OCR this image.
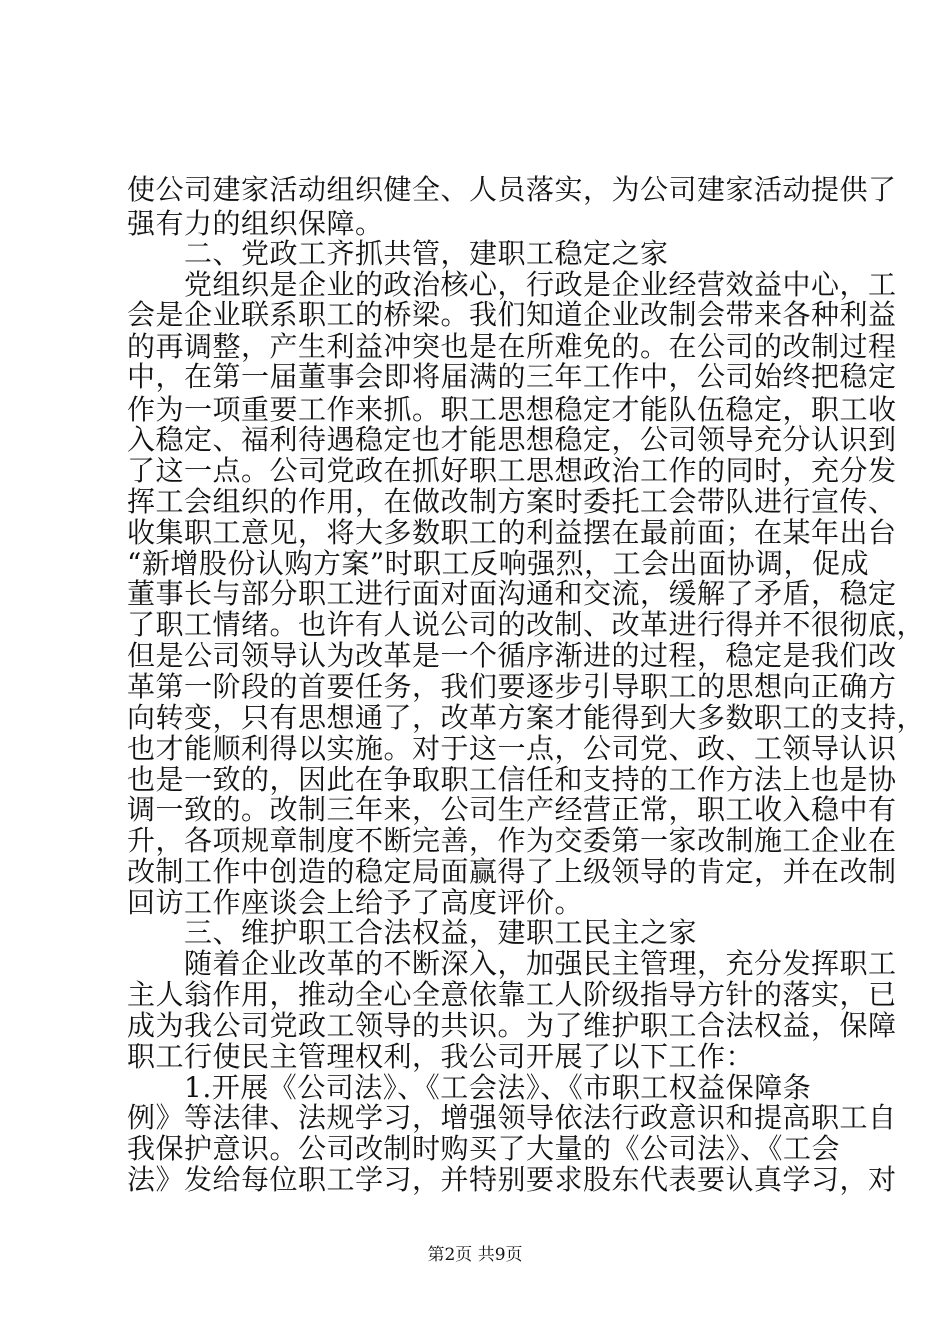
使公司建家活动组织健全、人员落实，为公司建家活动提供了
强有力的组织保障。
　　二、党政工齐抓共管，建职工稳定之家
　　党组织是企业的政治核心，行政是企业经营效益中心，工
会是企业联系职工的桥梁。我们知道企业改制会带来各种利益
的再调整，产生利益冲突也是在所难免的。在公司的改制过程
中，在第一届董事会即将届满的三年工作中，公司始终把稳定
作为一项重要工作来抓。职工思想稳定才能队伍稳定，职工收
入稳定、福利待遇稳定也才能思想稳定，公司领导充分认识到
了这一点。公司党政在抓好职工思想政治工作的同时，充分发
挥工会组织的作用，在做改制方案时委托工会带队进行宣传、
收集职工意见，将大多数职工的利益摆在最前面；在某年出台
“新增股份认购方案”时职工反响强烈，工会出面协调，促成
董事长与部分职工进行面对面沟通和交流，缓解了矛盾，稳定
了职工情绪。也许有人说公司的改制、改革进行得并不很彻底，
但是公司领导认为改革是一个循序渐进的过程，稳定是我们改
革第一阶段的首要任务，我们要逐步引导职工的思想向正确方
向转变，只有思想通了，改革方案才能得到大多数职工的支持，
也才能顺利得以实施。对于这一点，公司党、政、工领导认识
也是一致的，因此在争取职工信任和支持的工作方法上也是协
调一致的。改制三年来，公司生产经营正常，职工收入稳中有
升，各项规章制度不断完善，作为交委第一家改制施工企业在
改制工作中创造的稳定局面赢得了上级领导的肯定，并在改制
回访工作座谈会上给予了高度评价。
　　三、维护职工合法权益，建职工民主之家
　　随着企业改革的不断深入，加强民主管理，充分发挥职工
主人翁作用，推动全心全意依靠工人阶级指导方针的落实，已
成为我公司党政工领导的共识。为了维护职工合法权益，保障
职工行使民主管理权利，我公司开展了以下工作：
　　1.开展《公司法》、《工会法》、《市职工权益保障条
例》等法律、法规学习，增强领导依法行政意识和提高职工自
我保护意识。公司改制时购买了大量的《公司法》、《工会
法》发给每位职工学习，并特别要求股东代表要认真学习，对
第2页 共9页
